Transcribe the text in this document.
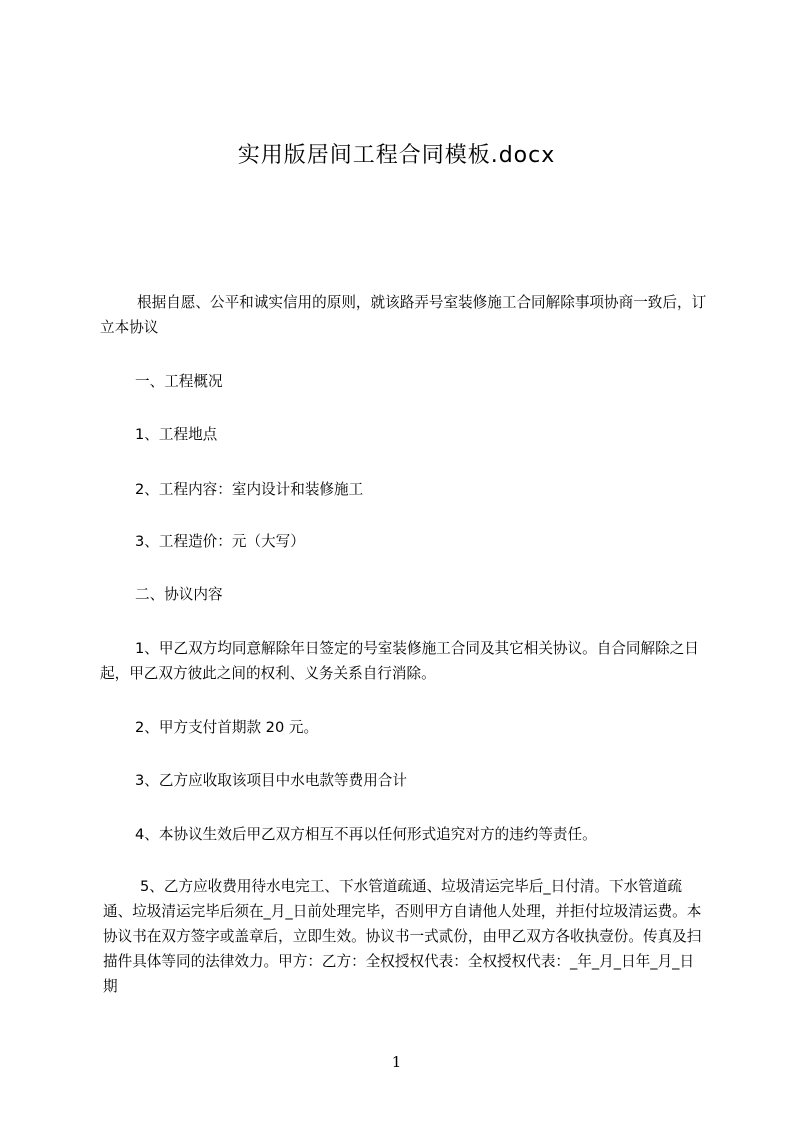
实用版居间工程合同模板.docx

根据自愿、公平和诚实信用的原则，就该路弄号室装修施工合同解除事项协商一致后，订立本协议

一、工程概况

1、工程地点

2、工程内容：室内设计和装修施工

3、工程造价：元（大写）

二、协议内容

1、甲乙双方均同意解除年日签定的号室装修施工合同及其它相关协议。自合同解除之日起，甲乙双方彼此之间的权利、义务关系自行消除。

2、甲方支付首期款 20 元。

3、乙方应收取该项目中水电款等费用合计

4、本协议生效后甲乙双方相互不再以任何形式追究对方的违约等责任。

5、乙方应收费用待水电完工、下水管道疏通、垃圾清运完毕后_日付清。下水管道疏通、垃圾清运完毕后须在_月_日前处理完毕，否则甲方自请他人处理，并拒付垃圾清运费。本协议书在双方签字或盖章后，立即生效。协议书一式贰份，由甲乙双方各收执壹份。传真及扫描件具体等同的法律效力。甲方：乙方：全权授权代表：全权授权代表：_年_月_日年_月_日期

1
